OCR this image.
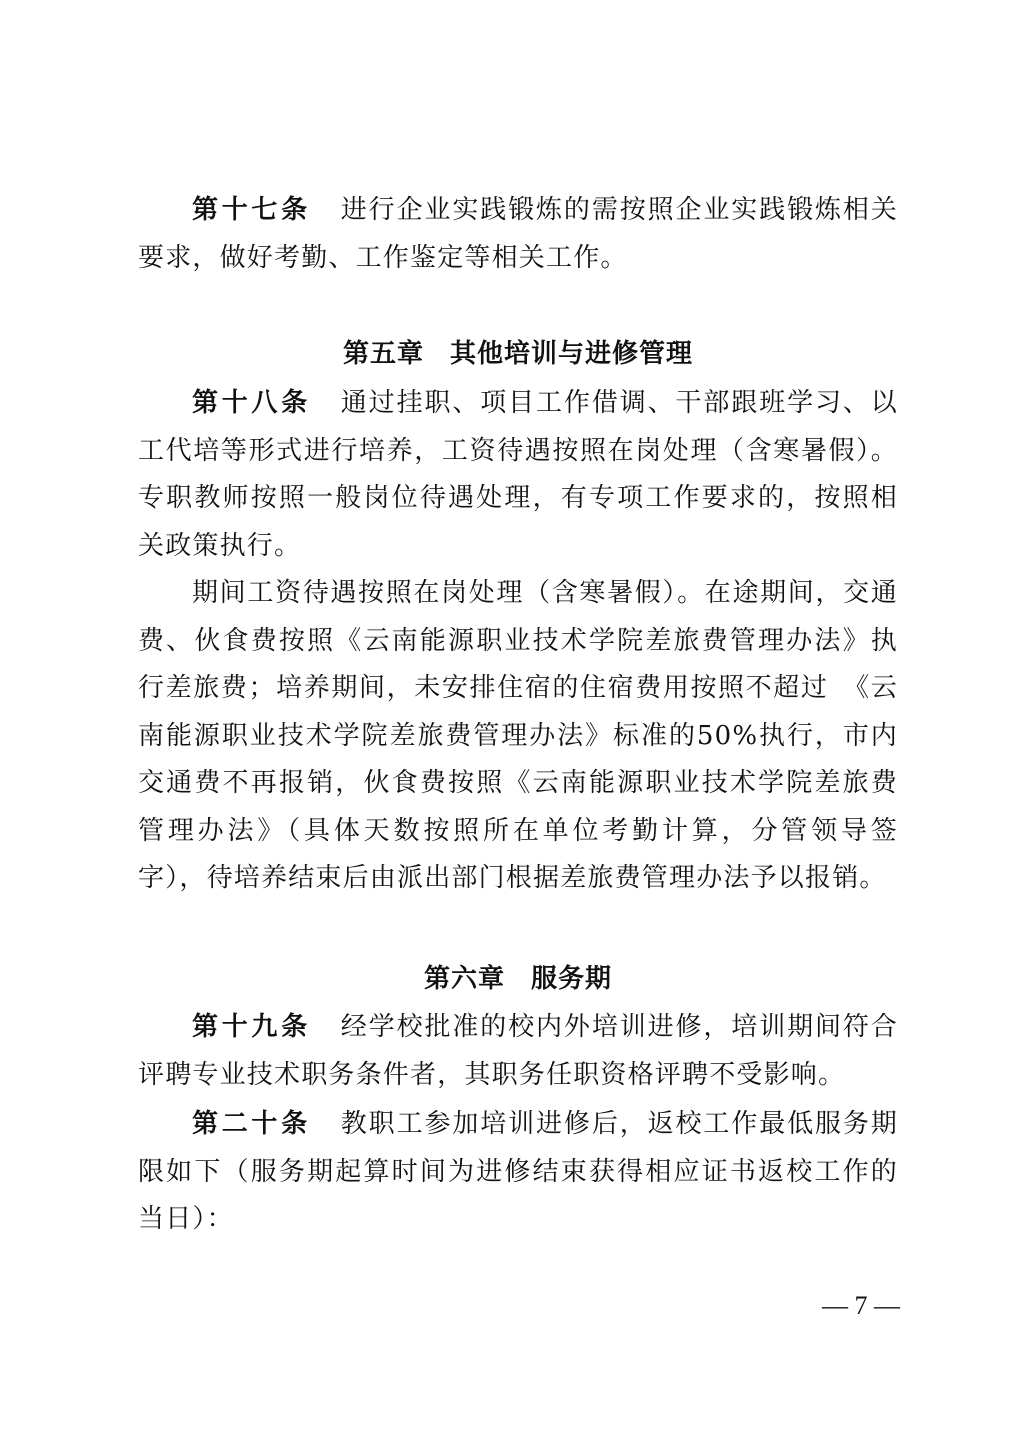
第十七条 进行企业实践锻炼的需按照企业实践锻炼相关要求，做好考勤、工作鉴定等相关工作。

第五章 其他培训与进修管理

第十八条 通过挂职、项目工作借调、干部跟班学习、以工代培等形式进行培养，工资待遇按照在岗处理（含寒暑假）。专职教师按照一般岗位待遇处理，有专项工作要求的，按照相关政策执行。

期间工资待遇按照在岗处理（含寒暑假）。在途期间，交通费、伙食费按照《云南能源职业技术学院差旅费管理办法》执行差旅费；培养期间，未安排住宿的住宿费用按照不超过　《云南能源职业技术学院差旅费管理办法》标准的50%执行，市内交通费不再报销，伙食费按照《云南能源职业技术学院差旅费管理办法》（具体天数按照所在单位考勤计算，分管领导签字），待培养结束后由派出部门根据差旅费管理办法予以报销。

第六章 服务期

第十九条 经学校批准的校内外培训进修，培训期间符合评聘专业技术职务条件者，其职务任职资格评聘不受影响。

第二十条 教职工参加培训进修后，返校工作最低服务期限如下（服务期起算时间为进修结束获得相应证书返校工作的当日）：

— 7 —
